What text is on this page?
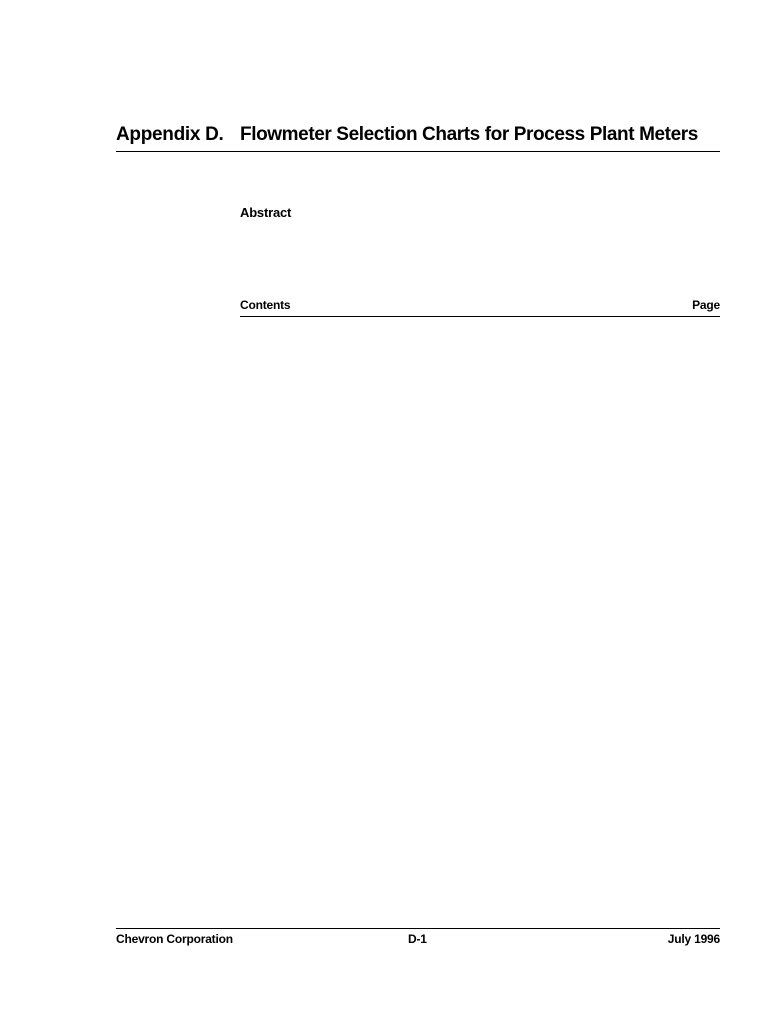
Appendix D. Flowmeter Selection Charts for Process Plant Meters
Abstract
Contents	Page
Chevron Corporation	D-1	July 1996
